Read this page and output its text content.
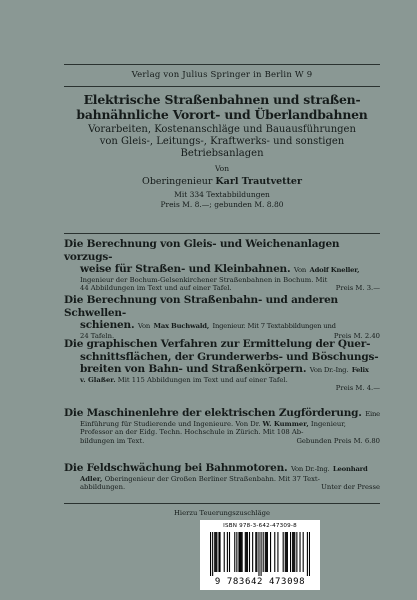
Verlag von Julius Springer in Berlin W 9
Elektrische Straßenbahnen und straßen-
bahnähnliche Vorort- und Überlandbahnen
Vorarbeiten, Kostenanschläge und Bauausführungen
von Gleis-, Leitungs-, Kraftwerks- und sonstigen
Betriebsanlagen
Von
Oberingenieur Karl Trautvetter
Mit 334 Textabbildungen
Preis M. 8.—; gebunden M. 8.80
Die Berechnung von Gleis- und Weichenanlagen vorzugs-
weise für Straßen- und Kleinbahnen. Von Adolf Kneller,
Ingenieur der Bochum-Gelsenkirchener Straßenbahnen in Bochum. Mit
44 Abbildungen im Text und auf einer Tafel.	Preis M. 3.—
Die Berechnung von Straßenbahn- und anderen Schwellen-
schienen. Von Max Buchwald, Ingenieur. Mit 7 Textabbildungen und
24 Tafeln.	Preis M. 2.40
Die graphischen Verfahren zur Ermittelung der Quer-
schnittsflächen, der Grunderwerbs- und Böschungs-
breiten von Bahn- und Straßenkörpern. Von Dr.-Ing. Felix
v. Glaßer. Mit 115 Abbildungen im Text und auf einer Tafel.
Preis M. 4.—
Die Maschinenlehre der elektrischen Zugförderung. Eine
Einführung für Studierende und Ingenieure. Von Dr. W. Kummer, Ingenieur,
Professor an der Eidg. Techn. Hochschule in Zürich. Mit 108 Ab-
bildungen im Text.	Gebunden Preis M. 6.80
Die Feldschwächung bei Bahnmotoren. Von Dr.-Ing. Leonhard
Adler, Oberingenieur der Großen Berliner Straßenbahn. Mit 37 Text-
abbildungen.	Unter der Presse
Hierzu Teuerungszuschläge
ISBN 978-3-642-47309-8
9 783642 473098
